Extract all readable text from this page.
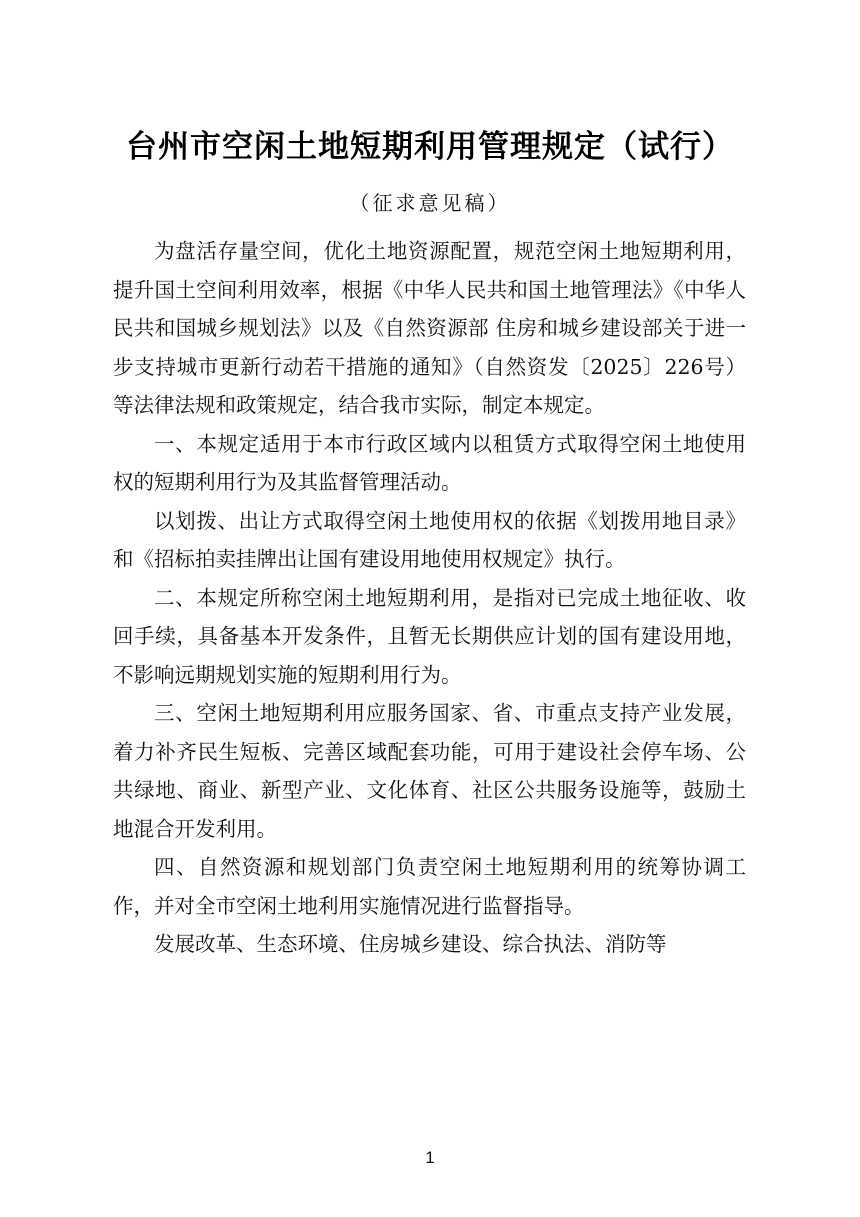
台州市空闲土地短期利用管理规定（试行）
（征求意见稿）

为盘活存量空间，优化土地资源配置，规范空闲土地短期利用，提升国土空间利用效率，根据《中华人民共和国土地管理法》《中华人民共和国城乡规划法》以及《自然资源部 住房和城乡建设部关于进一步支持城市更新行动若干措施的通知》（自然资发〔2025〕226号）等法律法规和政策规定，结合我市实际，制定本规定。

一、本规定适用于本市行政区域内以租赁方式取得空闲土地使用权的短期利用行为及其监督管理活动。

以划拨、出让方式取得空闲土地使用权的依据《划拨用地目录》和《招标拍卖挂牌出让国有建设用地使用权规定》执行。

二、本规定所称空闲土地短期利用，是指对已完成土地征收、收回手续，具备基本开发条件，且暂无长期供应计划的国有建设用地，不影响远期规划实施的短期利用行为。

三、空闲土地短期利用应服务国家、省、市重点支持产业发展，着力补齐民生短板、完善区域配套功能，可用于建设社会停车场、公共绿地、商业、新型产业、文化体育、社区公共服务设施等，鼓励土地混合开发利用。

四、自然资源和规划部门负责空闲土地短期利用的统筹协调工作，并对全市空闲土地利用实施情况进行监督指导。

发展改革、生态环境、住房城乡建设、综合执法、消防等

1
